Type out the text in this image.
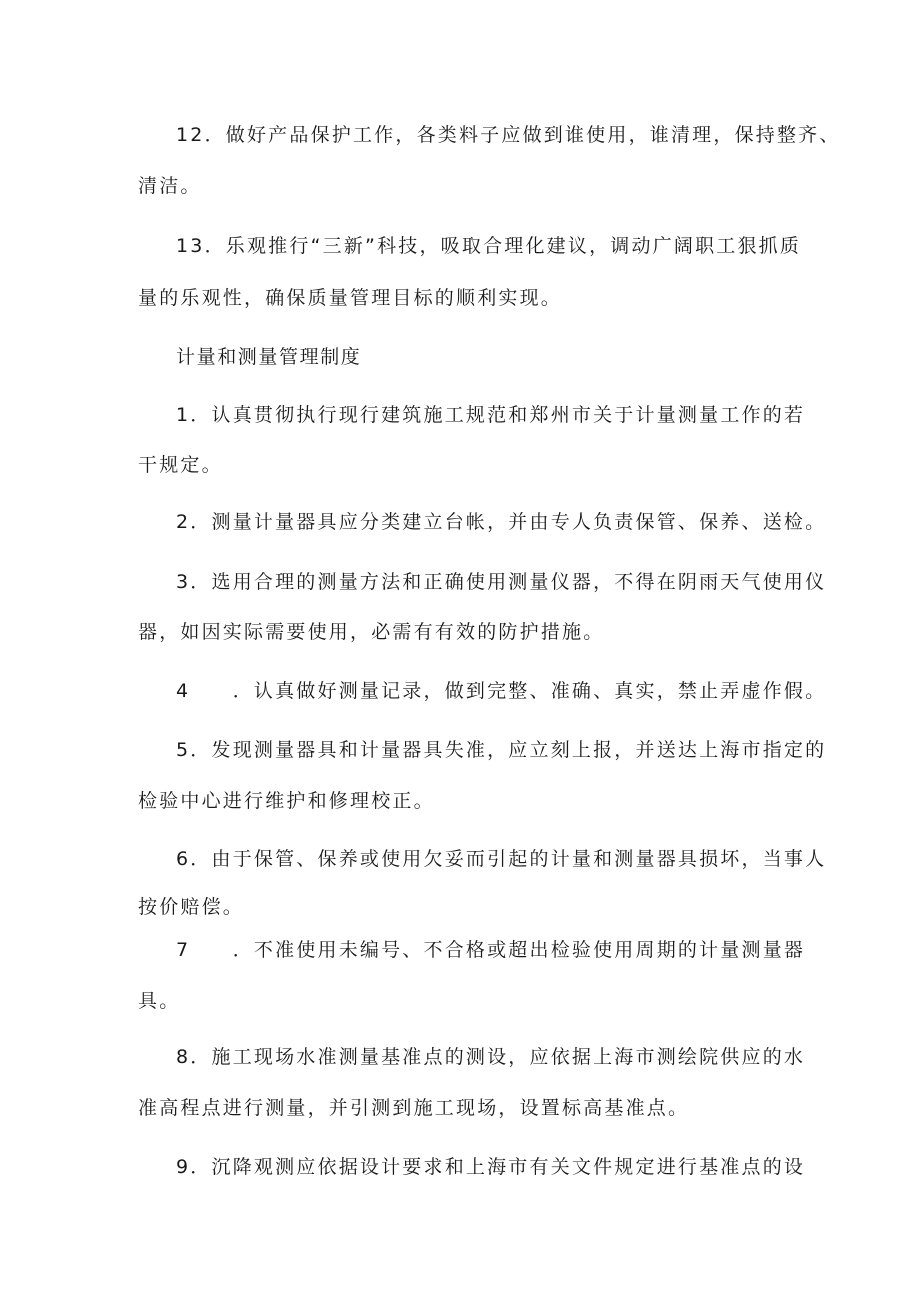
12．做好产品保护工作，各类料子应做到谁使用，谁清理，保持整齐、
清洁。
13．乐观推行“三新”科技，吸取合理化建议，调动广阔职工狠抓质
量的乐观性，确保质量管理目标的顺利实现。
计量和测量管理制度
1．认真贯彻执行现行建筑施工规范和郑州市关于计量测量工作的若
干规定。
2．测量计量器具应分类建立台帐，并由专人负责保管、保养、送检。
3．选用合理的测量方法和正确使用测量仪器，不得在阴雨天气使用仪
器，如因实际需要使用，必需有有效的防护措施。
4　　．认真做好测量记录，做到完整、准确、真实，禁止弄虚作假。
5．发现测量器具和计量器具失准，应立刻上报，并送达上海市指定的
检验中心进行维护和修理校正。
6．由于保管、保养或使用欠妥而引起的计量和测量器具损坏，当事人
按价赔偿。
7　　．不准使用未编号、不合格或超出检验使用周期的计量测量器
具。
8．施工现场水准测量基准点的测设，应依据上海市测绘院供应的水
准高程点进行测量，并引测到施工现场，设置标高基准点。
9．沉降观测应依据设计要求和上海市有关文件规定进行基准点的设
